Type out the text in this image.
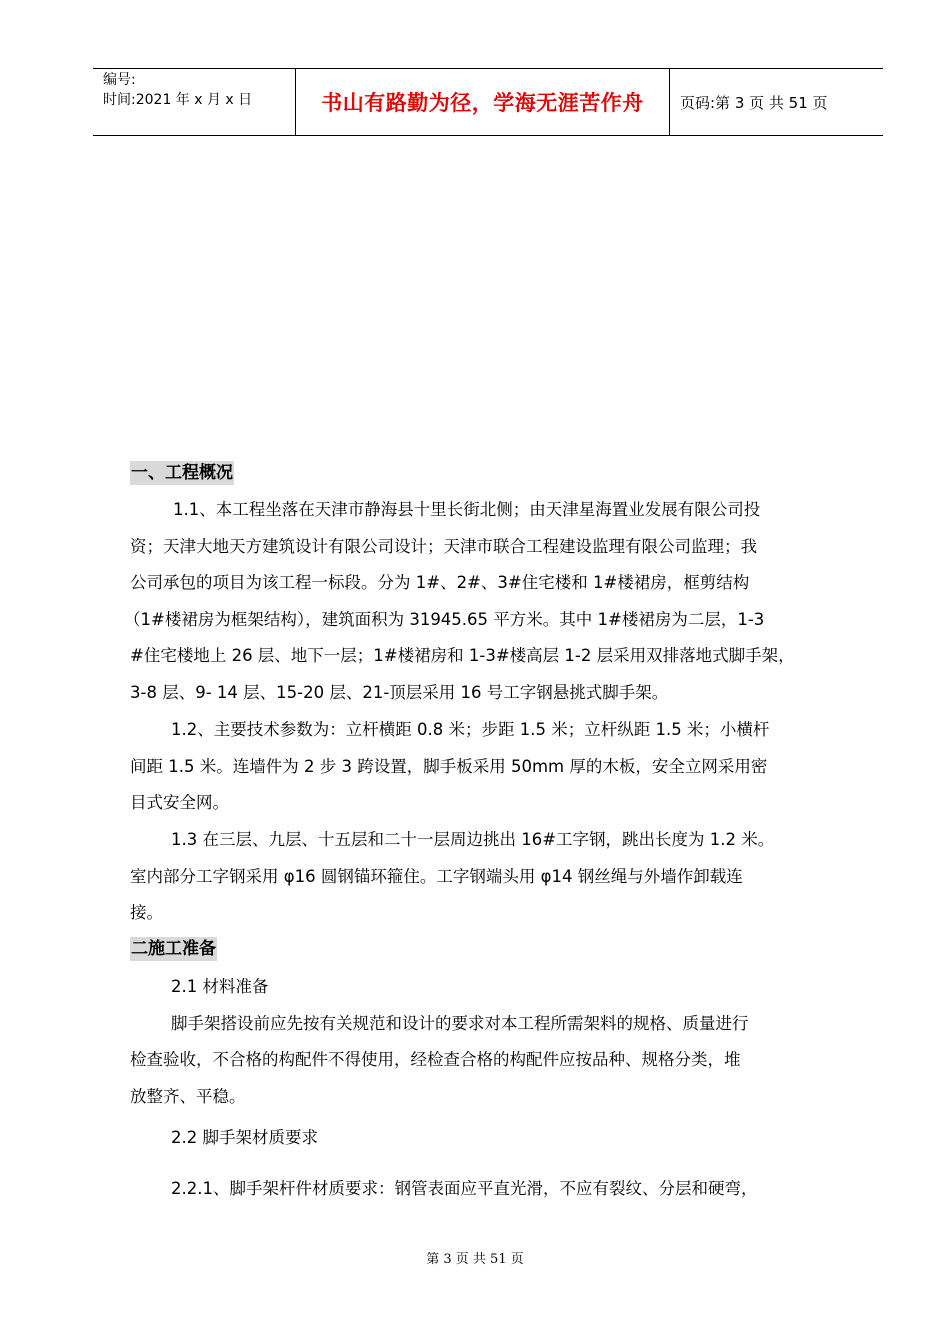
编号:
时间:2021 年 x 月 x 日	书山有路勤为径，学海无涯苦作舟 页码:第 3 页 共 51 页
一、工程概况
1.1、本工程坐落在天津市静海县十里长街北侧；由天津星海置业发展有限公司投
资；天津大地天方建筑设计有限公司设计；天津市联合工程建设监理有限公司监理；我
公司承包的项目为该工程一标段。分为 1#、2#、3#住宅楼和 1#楼裙房，框剪结构
（1#楼裙房为框架结构），建筑面积为 31945.65 平方米。其中 1#楼裙房为二层，1-3
#住宅楼地上 26 层、地下一层；1#楼裙房和 1-3#楼高层 1-2 层采用双排落地式脚手架，
3-8 层、9- 14 层、15-20 层、21-顶层采用 16 号工字钢悬挑式脚手架。
1.2、主要技术参数为：立杆横距 0.8 米；步距 1.5 米；立杆纵距 1.5 米；小横杆
间距 1.5 米。连墙件为 2 步 3 跨设置，脚手板采用 50mm 厚的木板，安全立网采用密
目式安全网。
1.3 在三层、九层、十五层和二十一层周边挑出 16#工字钢，跳出长度为 1.2 米。
室内部分工字钢采用 φ16 圆钢锚环箍住。工字钢端头用 φ14 钢丝绳与外墙作卸载连
接。
二施工准备
2.1 材料准备
脚手架搭设前应先按有关规范和设计的要求对本工程所需架料的规格、质量进行
检查验收，不合格的构配件不得使用，经检查合格的构配件应按品种、规格分类，堆
放整齐、平稳。
2.2 脚手架材质要求
2.2.1、脚手架杆件材质要求：钢管表面应平直光滑，不应有裂纹、分层和硬弯，
第 3 页 共 51 页
